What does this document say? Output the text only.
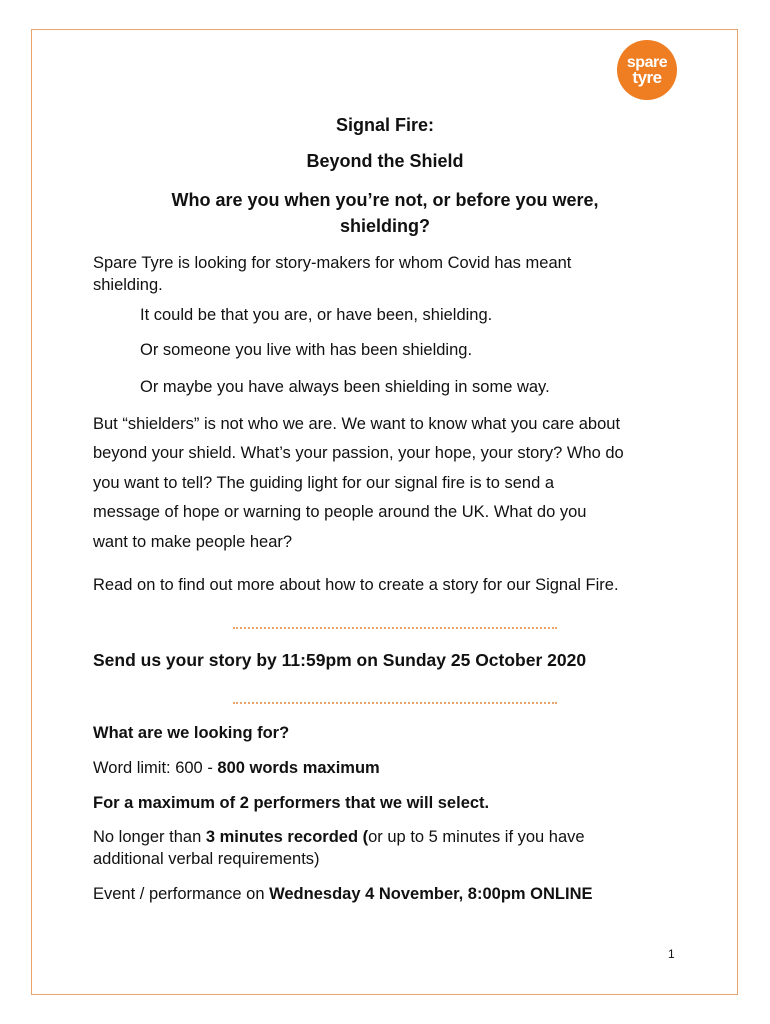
spare
tyre
Signal Fire:
Beyond the Shield
Who are you when you’re not, or before you were,
shielding?
Spare Tyre is looking for story-makers for whom Covid has meant
shielding.
It could be that you are, or have been, shielding.
Or someone you live with has been shielding.
Or maybe you have always been shielding in some way.
But “shielders” is not who we are. We want to know what you care about
beyond your shield. What’s your passion, your hope, your story? Who do
you want to tell? The guiding light for our signal fire is to send a
message of hope or warning to people around the UK. What do you
want to make people hear?
Read on to find out more about how to create a story for our Signal Fire.
Send us your story by 11:59pm on Sunday 25 October 2020
What are we looking for?
Word limit: 600 - 800 words maximum
For a maximum of 2 performers that we will select.
No longer than 3 minutes recorded (or up to 5 minutes if you have
additional verbal requirements)
Event / performance on Wednesday 4 November, 8:00pm ONLINE
1
